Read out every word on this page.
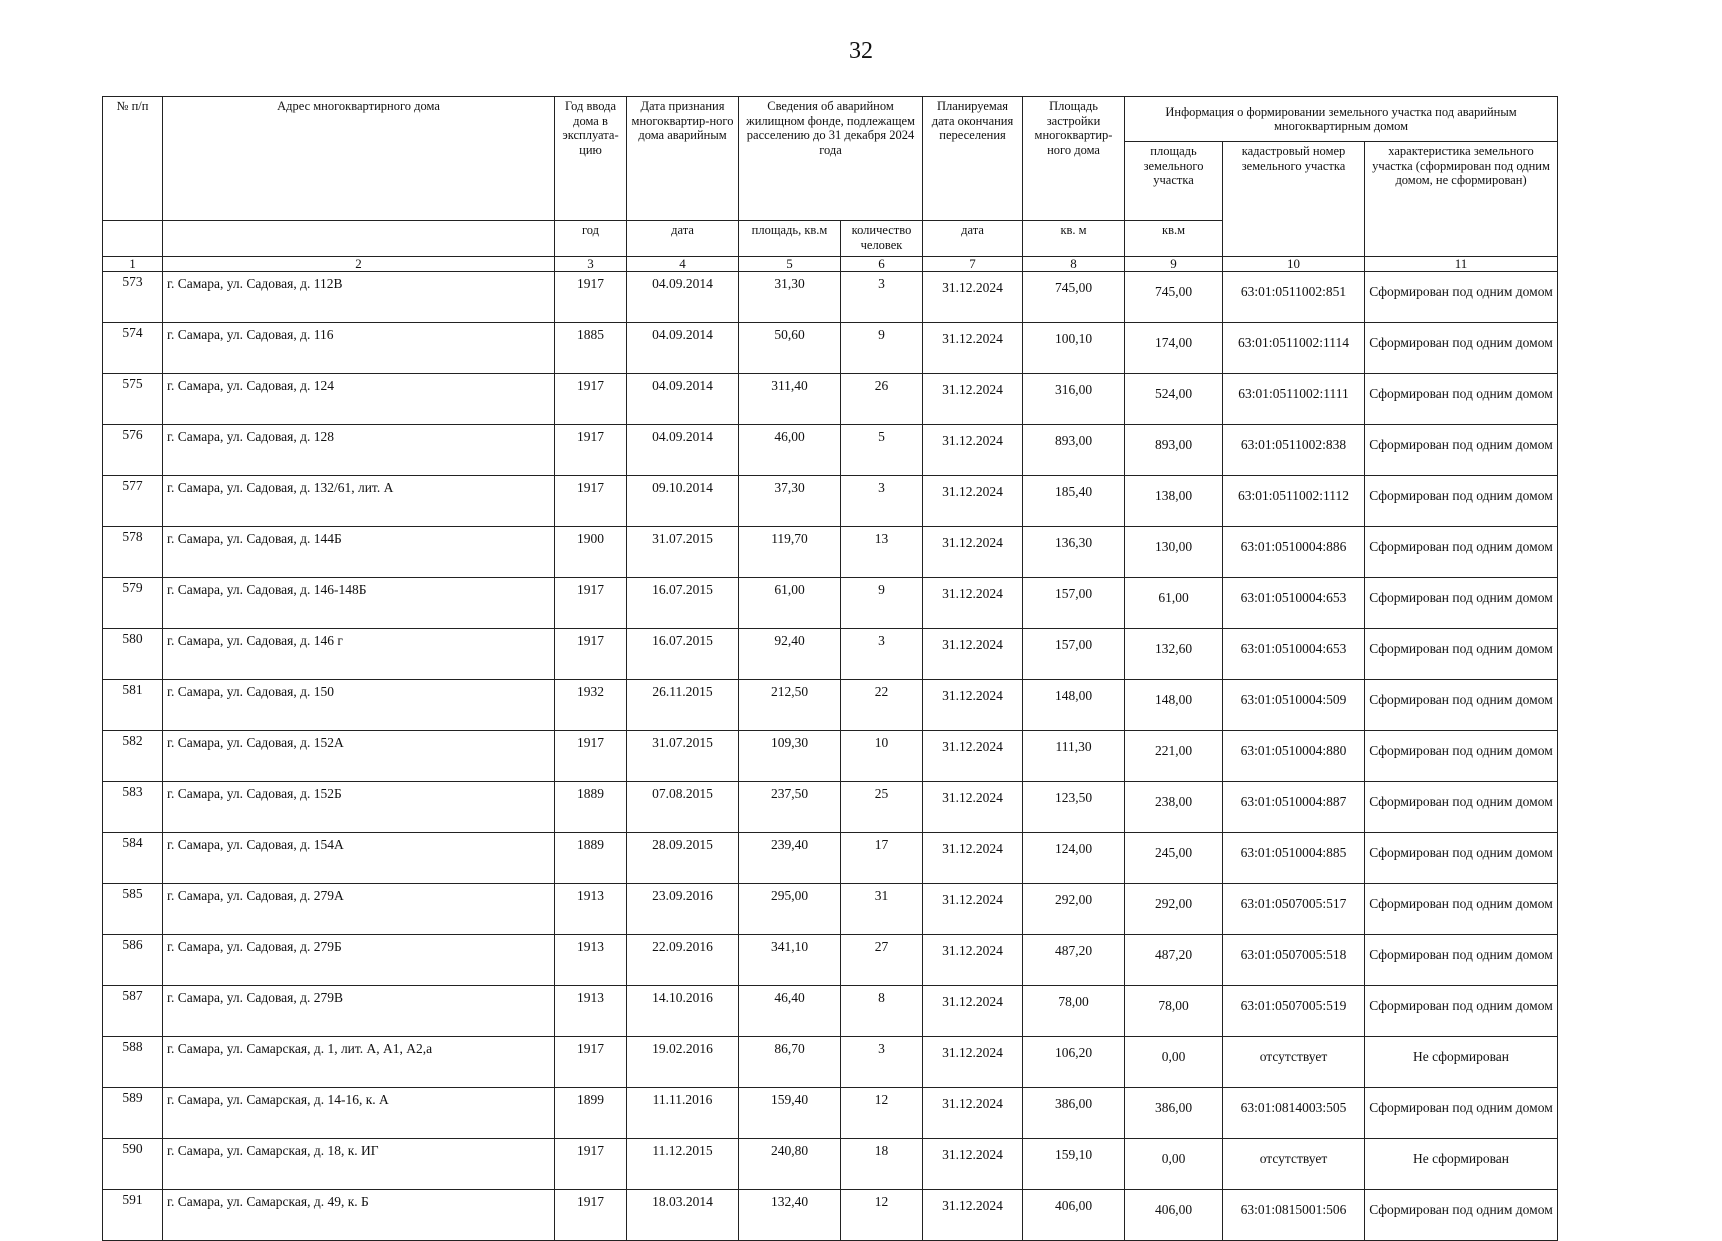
32
№ п/п	Адрес многоквартирного дома	Год ввода дома в эксплуата-цию	Дата признания многоквартир-ного дома аварийным	Сведения об аварийном жилищном фонде, подлежащем расселению до 31 декабря 2024 года		Планируемая дата окончания переселения	Площадь застройки многоквартир-ного дома	Информация о формировании земельного участка под аварийным многоквартирным домом		
								площадь земельного участка	кадастровый номер земельного участка	характеристика земельного участка (сформирован под одним домом, не сформирован)
		год	дата	площадь, кв.м	количество человек	дата	кв. м	кв.м		
1	2	3	4	5	6	7	8	9	10	11
573	г. Самара, ул. Садовая, д. 112В	1917	04.09.2014	31,30	3	31.12.2024	745,00	745,00	63:01:0511002:851	Сформирован под одним домом
574	г. Самара, ул. Садовая, д. 116	1885	04.09.2014	50,60	9	31.12.2024	100,10	174,00	63:01:0511002:1114	Сформирован под одним домом
575	г. Самара, ул. Садовая, д. 124	1917	04.09.2014	311,40	26	31.12.2024	316,00	524,00	63:01:0511002:1111	Сформирован под одним домом
576	г. Самара, ул. Садовая, д. 128	1917	04.09.2014	46,00	5	31.12.2024	893,00	893,00	63:01:0511002:838	Сформирован под одним домом
577	г. Самара, ул. Садовая, д. 132/61, лит. А	1917	09.10.2014	37,30	3	31.12.2024	185,40	138,00	63:01:0511002:1112	Сформирован под одним домом
578	г. Самара, ул. Садовая, д. 144Б	1900	31.07.2015	119,70	13	31.12.2024	136,30	130,00	63:01:0510004:886	Сформирован под одним домом
579	г. Самара, ул. Садовая, д. 146-148Б	1917	16.07.2015	61,00	9	31.12.2024	157,00	61,00	63:01:0510004:653	Сформирован под одним домом
580	г. Самара, ул. Садовая, д. 146 г	1917	16.07.2015	92,40	3	31.12.2024	157,00	132,60	63:01:0510004:653	Сформирован под одним домом
581	г. Самара, ул. Садовая, д. 150	1932	26.11.2015	212,50	22	31.12.2024	148,00	148,00	63:01:0510004:509	Сформирован под одним домом
582	г. Самара, ул. Садовая, д. 152А	1917	31.07.2015	109,30	10	31.12.2024	111,30	221,00	63:01:0510004:880	Сформирован под одним домом
583	г. Самара, ул. Садовая, д. 152Б	1889	07.08.2015	237,50	25	31.12.2024	123,50	238,00	63:01:0510004:887	Сформирован под одним домом
584	г. Самара, ул. Садовая, д. 154А	1889	28.09.2015	239,40	17	31.12.2024	124,00	245,00	63:01:0510004:885	Сформирован под одним домом
585	г. Самара, ул. Садовая, д. 279А	1913	23.09.2016	295,00	31	31.12.2024	292,00	292,00	63:01:0507005:517	Сформирован под одним домом
586	г. Самара, ул. Садовая, д. 279Б	1913	22.09.2016	341,10	27	31.12.2024	487,20	487,20	63:01:0507005:518	Сформирован под одним домом
587	г. Самара, ул. Садовая, д. 279В	1913	14.10.2016	46,40	8	31.12.2024	78,00	78,00	63:01:0507005:519	Сформирован под одним домом
588	г. Самара, ул. Самарская, д. 1, лит. А, А1, А2,а	1917	19.02.2016	86,70	3	31.12.2024	106,20	0,00	отсутствует	Не сформирован
589	г. Самара, ул. Самарская, д. 14-16, к. А	1899	11.11.2016	159,40	12	31.12.2024	386,00	386,00	63:01:0814003:505	Сформирован под одним домом
590	г. Самара, ул. Самарская, д. 18, к. ИГ	1917	11.12.2015	240,80	18	31.12.2024	159,10	0,00	отсутствует	Не сформирован
591	г. Самара, ул. Самарская, д. 49, к. Б	1917	18.03.2014	132,40	12	31.12.2024	406,00	406,00	63:01:0815001:506	Сформирован под одним домом
